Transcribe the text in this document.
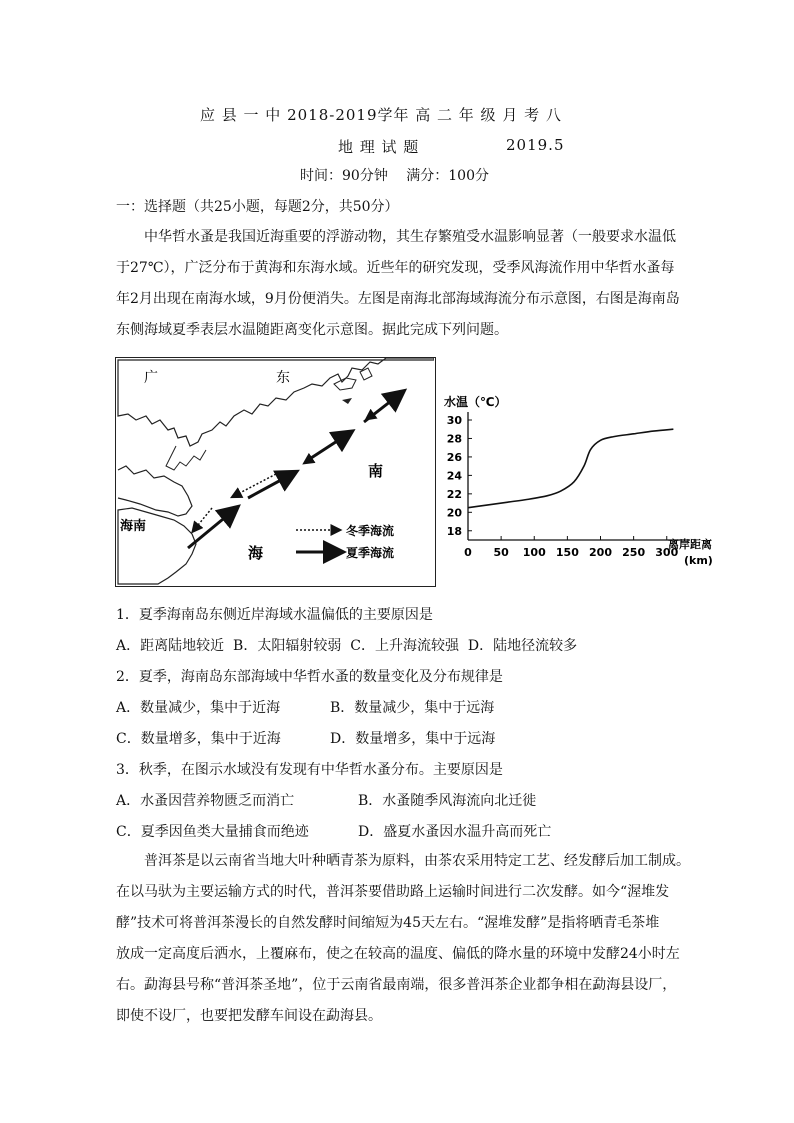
应 县 一 中 2018-2019学年 高 二 年 级 月 考 八
地 理 试 题	2019.5
时间：90分钟　 满分：100分
一：选择题（共25小题，每题2分，共50分）
中华哲水蚤是我国近海重要的浮游动物，其生存繁殖受水温影响显著（一般要求水温低
于27℃），广泛分布于黄海和东海水域。近些年的研究发现，受季风海流作用中华哲水蚤每
年2月出现在南海水域，9月份便消失。左图是南海北部海域海流分布示意图，右图是海南岛
东侧海域夏季表层水温随距离变化示意图。据此完成下列问题。
广	东
南
海
海南	冬季海流
夏季海流
水温（℃）
离岸距离
(km)
18
20
22
24
26
28
30
0 50 100 150 200 250 300
1．夏季海南岛东侧近岸海域水温偏低的主要原因是
A．距离陆地较近 B．太阳辐射较弱 C．上升海流较强 D．陆地径流较多
2．夏季，海南岛东部海域中华哲水蚤的数量变化及分布规律是
A．数量减少，集中于近海	B．数量减少，集中于远海
C．数量增多，集中于近海	D．数量增多，集中于远海
3．秋季，在图示水域没有发现有中华哲水蚤分布。主要原因是
A．水蚤因营养物匮乏而消亡	B．水蚤随季风海流向北迁徙
C．夏季因鱼类大量捕食而绝迹	D．盛夏水蚤因水温升高而死亡
普洱茶是以云南省当地大叶种晒青茶为原料，由茶农采用特定工艺、经发酵后加工制成。
在以马驮为主要运输方式的时代，普洱茶要借助路上运输时间进行二次发酵。如今“渥堆发
酵”技术可将普洱茶漫长的自然发酵时间缩短为45天左右。“渥堆发酵”是指将晒青毛茶堆
放成一定高度后洒水，上覆麻布，使之在较高的温度、偏低的降水量的环境中发酵24小时左
右。勐海县号称“普洱茶圣地”，位于云南省最南端，很多普洱茶企业都争相在勐海县设厂，
即使不设厂，也要把发酵车间设在勐海县。
